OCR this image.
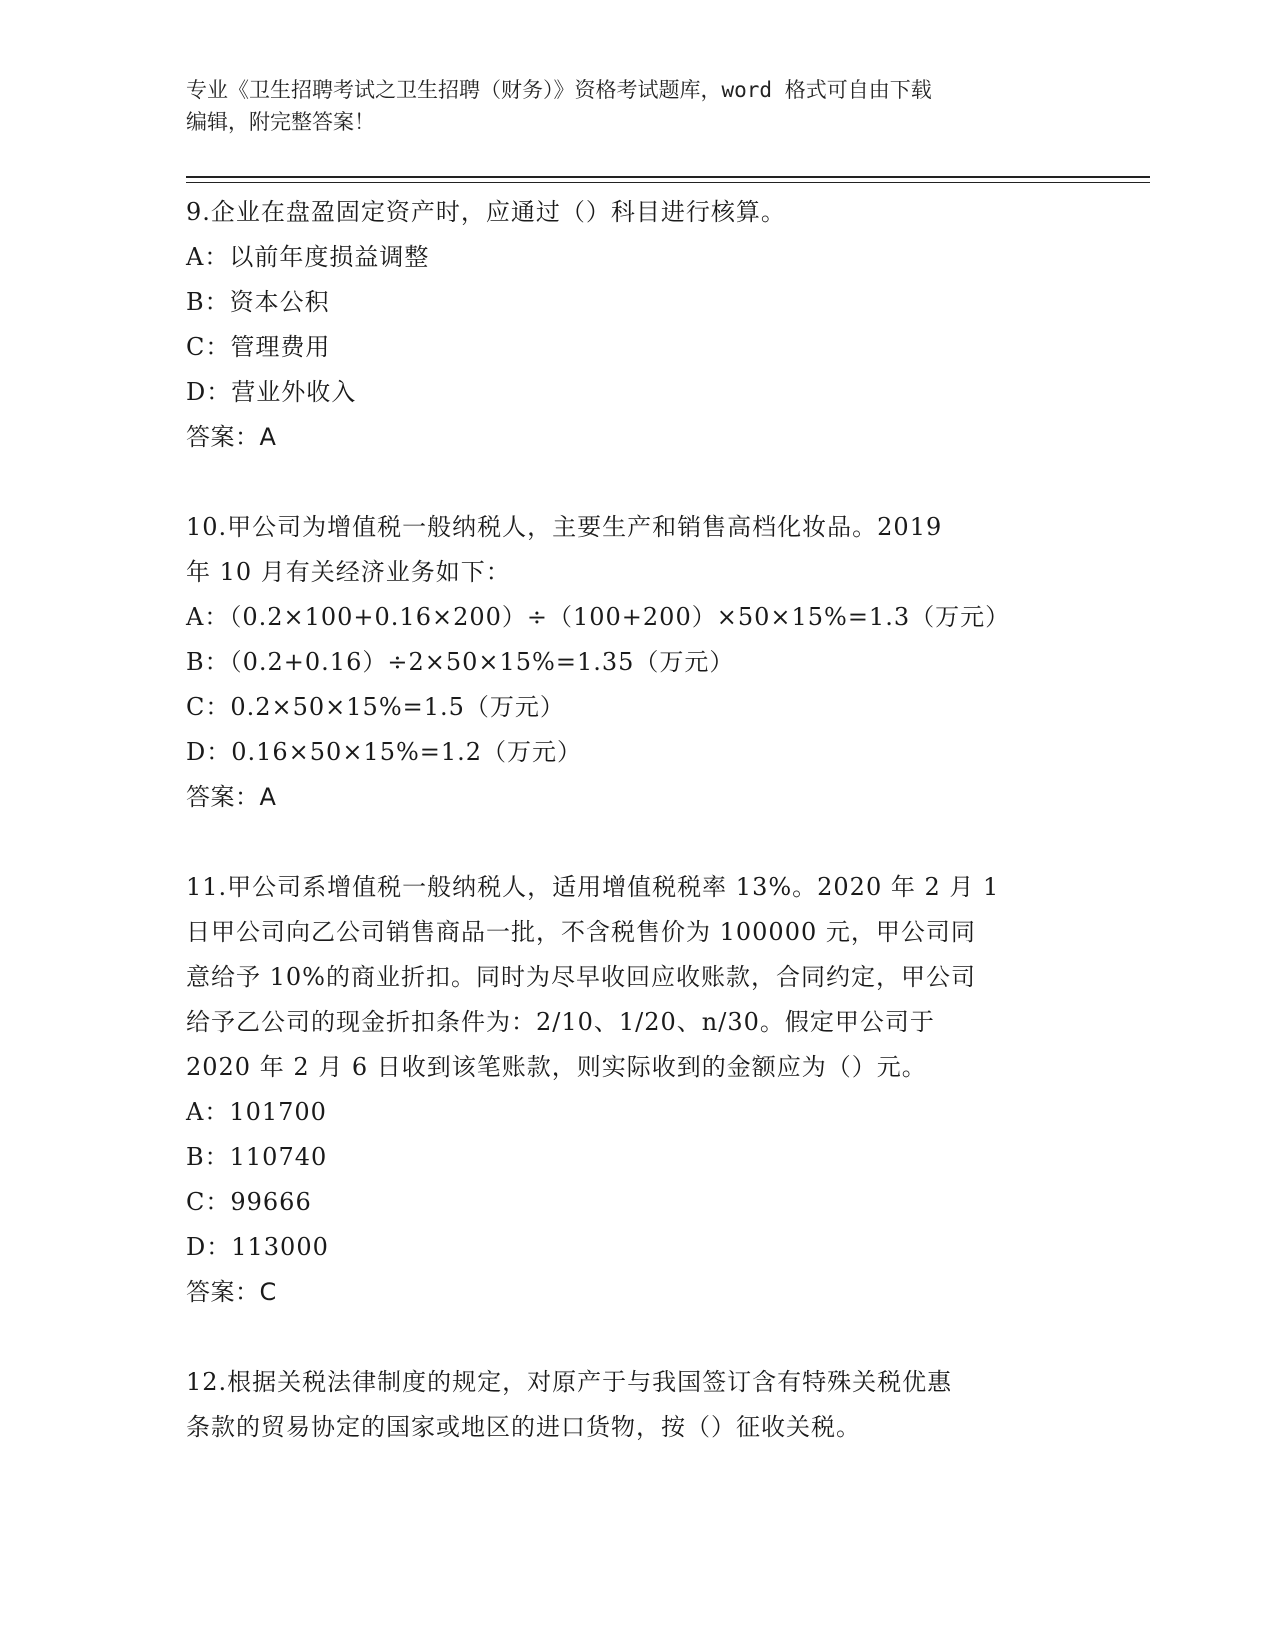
专业《卫生招聘考试之卫生招聘（财务）》资格考试题库，word 格式可自由下载
编辑，附完整答案！

9.企业在盘盈固定资产时，应通过（）科目进行核算。

A：以前年度损益调整

B：资本公积

C：管理费用

D：营业外收入

答案：A

10.甲公司为增值税一般纳税人，主要生产和销售高档化妆品。2019

年 10 月有关经济业务如下：

A：（0.2×100+0.16×200）÷（100+200）×50×15%=1.3（万元）

B：（0.2+0.16）÷2×50×15%=1.35（万元）

C：0.2×50×15%=1.5（万元）

D：0.16×50×15%=1.2（万元）

答案：A

11.甲公司系增值税一般纳税人，适用增值税税率 13%。2020 年 2 月 1

日甲公司向乙公司销售商品一批，不含税售价为 100000 元，甲公司同

意给予 10%的商业折扣。同时为尽早收回应收账款，合同约定，甲公司

给予乙公司的现金折扣条件为：2/10、1/20、n/30。假定甲公司于

2020 年 2 月 6 日收到该笔账款，则实际收到的金额应为（）元。

A：101700

B：110740

C：99666

D：113000

答案：C

12.根据关税法律制度的规定，对原产于与我国签订含有特殊关税优惠

条款的贸易协定的国家或地区的进口货物，按（）征收关税。
